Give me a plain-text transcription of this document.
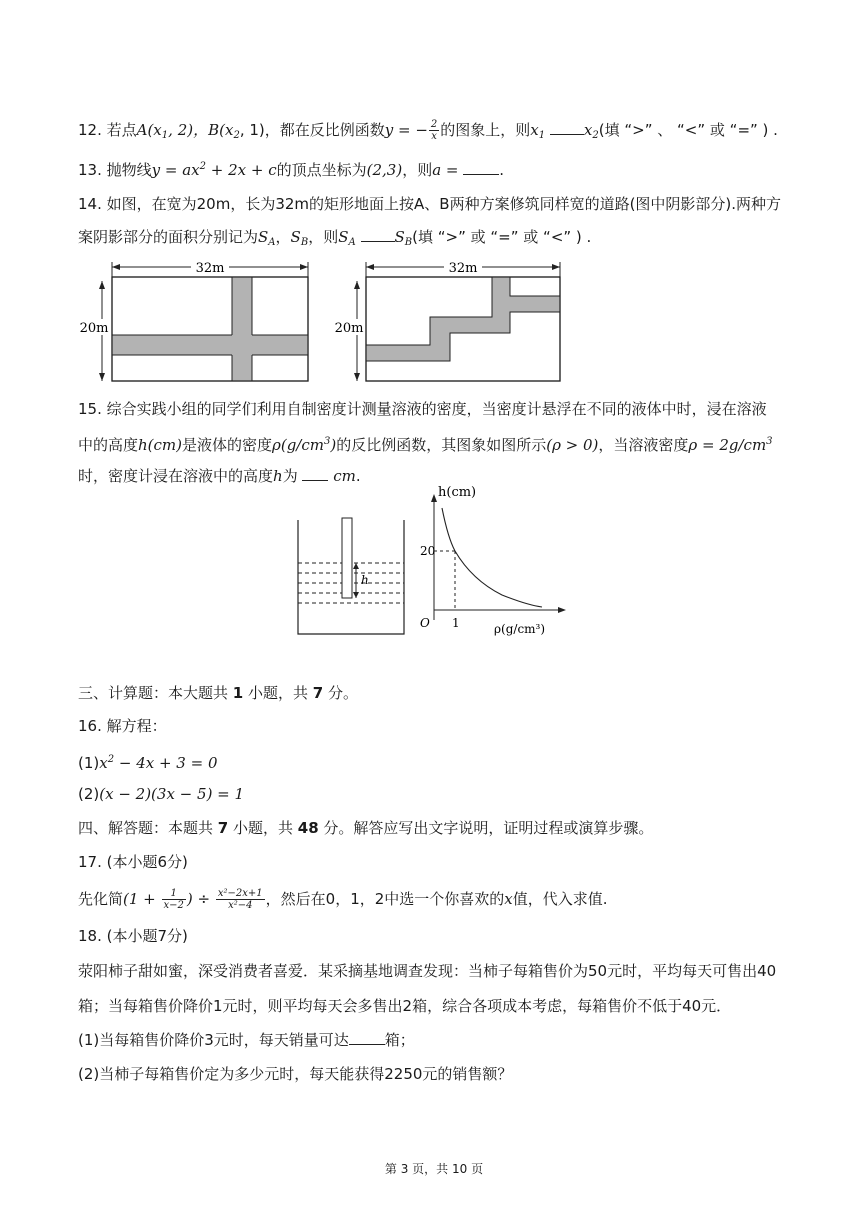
12. 若点$A(x_1$, 2)，$B(x_2$, 1)，都在反比例函数y = − $\frac{2}{x}$ 的图象上，则$x_1$	$x_2$(填 “>” 、 “<” 或 “=” ) .
13. 抛物线$y = ax^2 + 2x + c$的顶点坐标为(2,3)，则a = .
14. 如图，在宽为20m，长为32m的矩形地面上按A、B两种方案修筑同样宽的道路(图中阴影部分).两种方
案阴影部分的面积分别记为$S_A$，$S_B$，则$S_A$	$S_B$(填 “>” 或 “=” 或 “<” ) .
32m
20m
32m
20m
15. 综合实践小组的同学们利用自制密度计测量溶液的密度，当密度计悬浮在不同的液体中时，浸在溶液
中的高度h(cm)是液体的密度$\rho(g/cm^3)$的反比例函数，其图象如图所示(ρ > 0)，当溶液密度$\rho = 2g/cm^3$
时，密度计浸在溶液中的高度h为 cm.
h
h(cm)
ρ(g/cm³)
20
1
O
三、计算题：本大题共 1 小题，共 7 分。
16. 解方程：
$(1)x^2 - 4x + 3 = 0$
(2)(x − 2)(3x − 5) = 1
四、解答题：本题共 7 小题，共 48 分。解答应写出文字说明，证明过程或演算步骤。
17. (本小题6分)
先化简($1 + \frac{1}{x-2}$ ) ÷ $\frac{\text{x²−2x+1}}{\text{x²−4}}$ ，然后在0，1，2中选一个你喜欢的x值，代入求值.
18. (本小题7分)
荥阳柿子甜如蜜，深受消费者喜爱．某采摘基地调查发现：当柿子每箱售价为50元时，平均每天可售出40
箱；当每箱售价降价1元时，则平均每天会多售出2箱，综合各项成本考虑，每箱售价不低于40元．
(1)当每箱售价降价3元时，每天销量可达 箱；
(2)当柿子每箱售价定为多少元时，每天能获得2250元的销售额？
第 3 页，共 10 页
